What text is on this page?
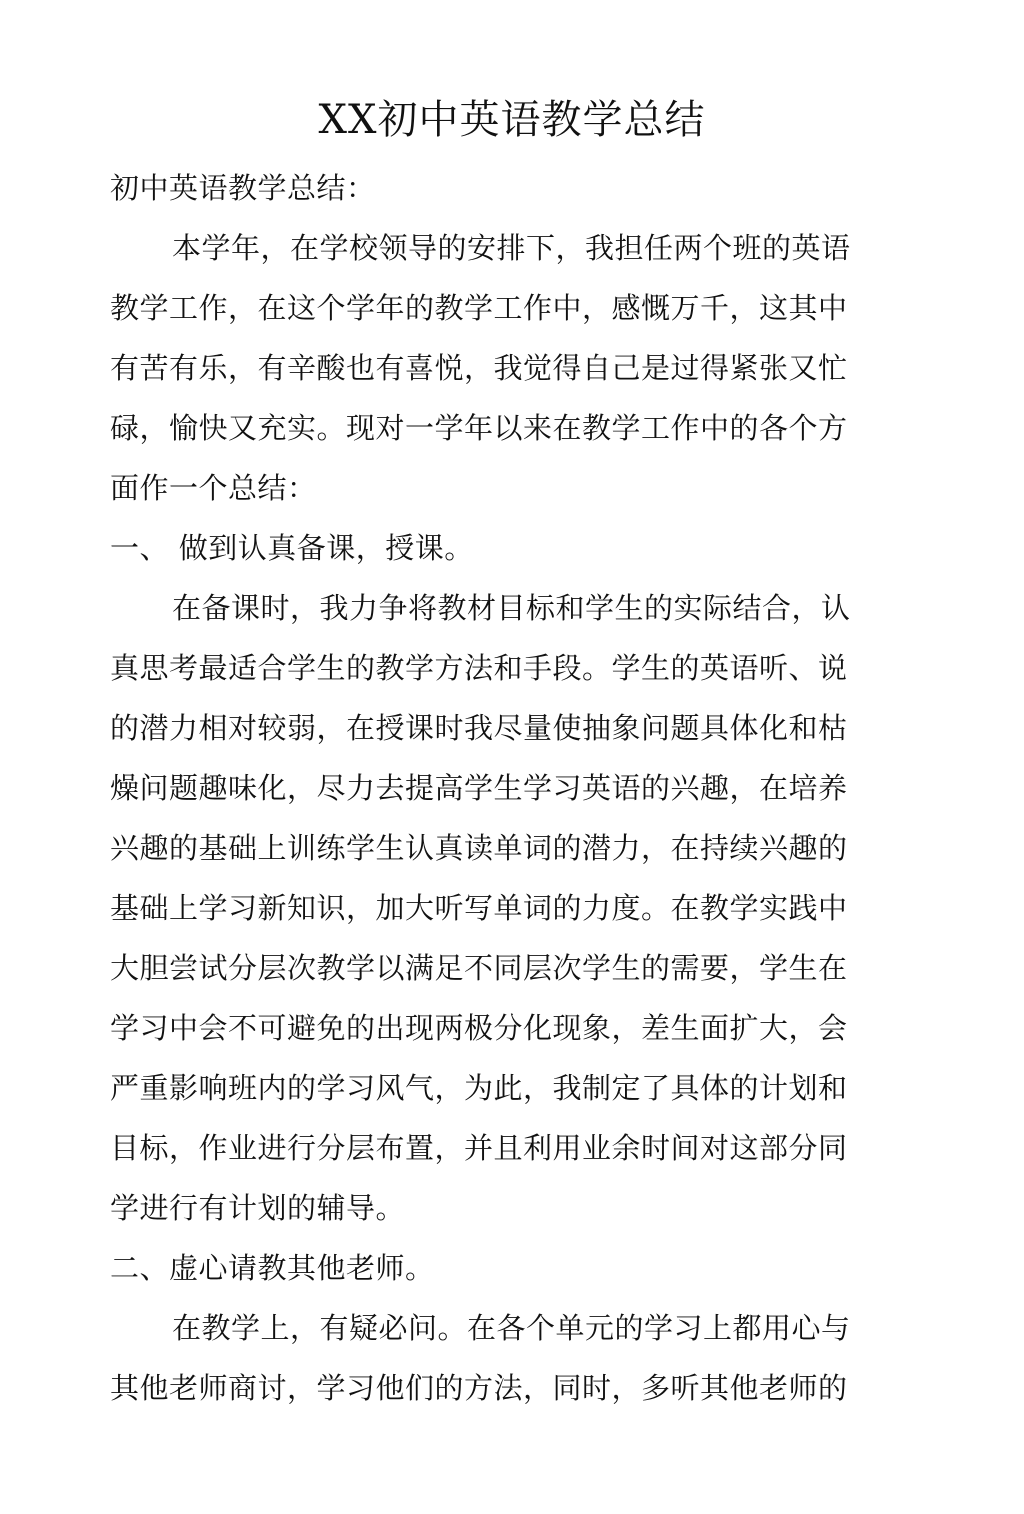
XX初中英语教学总结
初中英语教学总结：
本学年，在学校领导的安排下，我担任两个班的英语
教学工作，在这个学年的教学工作中，感慨万千，这其中
有苦有乐，有辛酸也有喜悦，我觉得自己是过得紧张又忙
碌，愉快又充实。现对一学年以来在教学工作中的各个方
面作一个总结：
一、 做到认真备课，授课。
在备课时，我力争将教材目标和学生的实际结合，认
真思考最适合学生的教学方法和手段。学生的英语听、说
的潜力相对较弱，在授课时我尽量使抽象问题具体化和枯
燥问题趣味化，尽力去提高学生学习英语的兴趣，在培养
兴趣的基础上训练学生认真读单词的潜力，在持续兴趣的
基础上学习新知识，加大听写单词的力度。在教学实践中
大胆尝试分层次教学以满足不同层次学生的需要，学生在
学习中会不可避免的出现两极分化现象，差生面扩大，会
严重影响班内的学习风气，为此，我制定了具体的计划和
目标，作业进行分层布置，并且利用业余时间对这部分同
学进行有计划的辅导。
二、虚心请教其他老师。
在教学上，有疑必问。在各个单元的学习上都用心与
其他老师商讨，学习他们的方法，同时，多听其他老师的
